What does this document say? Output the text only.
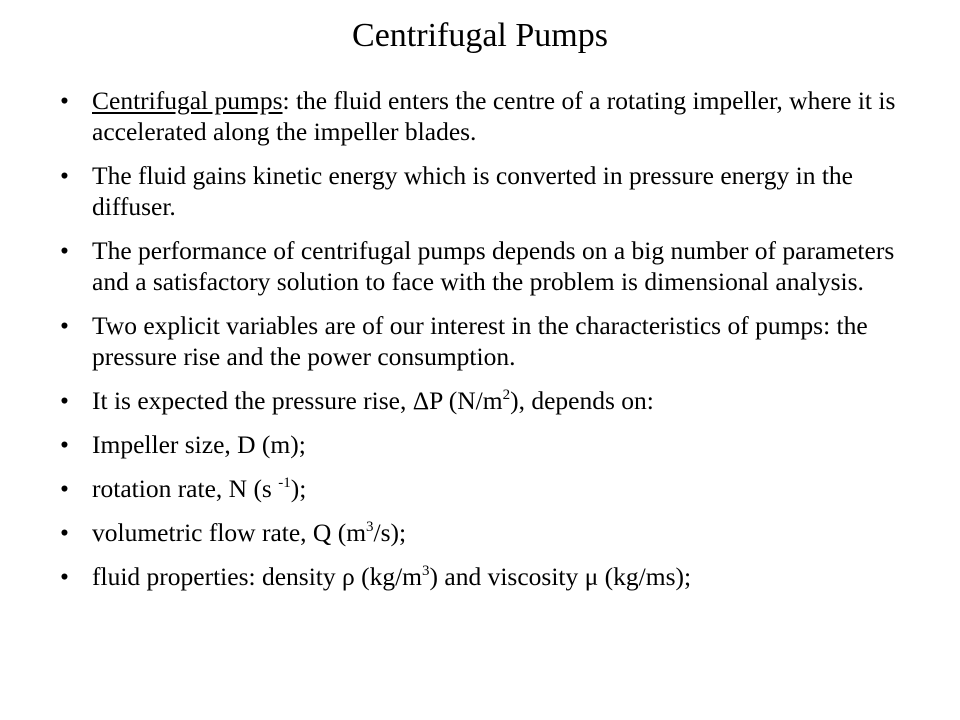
Centrifugal Pumps
• Centrifugal pumps: the fluid enters the centre of a rotating impeller, where it is accelerated along the impeller blades.
• The fluid gains kinetic energy which is converted in pressure energy in the diffuser.
• The performance of centrifugal pumps depends on a big number of parameters and a satisfactory solution to face with the problem is dimensional analysis.
• Two explicit variables are of our interest in the characteristics of pumps: the pressure rise and the power consumption.
• It is expected the pressure rise, ΔP $(N/m^2)$, depends on:
• Impeller size, D (m);
• rotation rate, N (s $^{-1}$);
• volumetric flow rate, Q $(m^3/s)$;
• fluid properties: density ρ $(kg/m^3)$ and viscosity μ (kg/ms);
